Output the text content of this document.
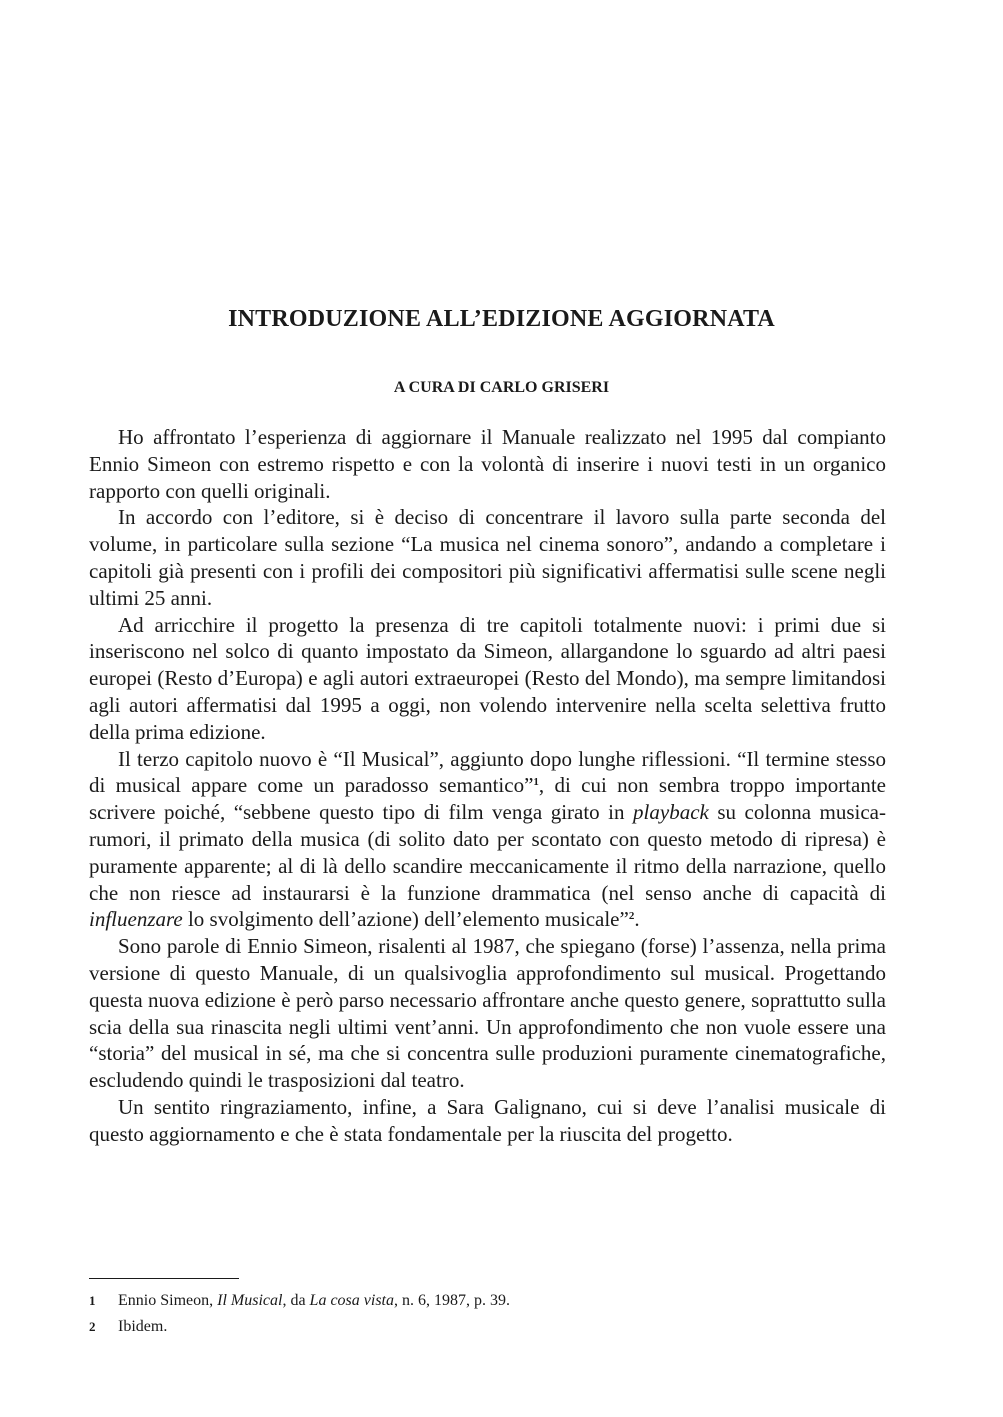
INTRODUZIONE ALL’EDIZIONE AGGIORNATA
A CURA DI CARLO GRISERI

Ho affrontato l’esperienza di aggiornare il Manuale realizzato nel 1995 dal compianto Ennio Simeon con estremo rispetto e con la volontà di inserire i nuovi testi in un organico rapporto con quelli originali.

In accordo con l’editore, si è deciso di concentrare il lavoro sulla parte seconda del volume, in particolare sulla sezione “La musica nel cinema sonoro”, andando a completare i capitoli già presenti con i profili dei compositori più significativi affermatisi sulle scene negli ultimi 25 anni.

Ad arricchire il progetto la presenza di tre capitoli totalmente nuovi: i primi due si inseriscono nel solco di quanto impostato da Simeon, allargandone lo sguardo ad altri paesi europei (Resto d’Europa) e agli autori extraeuropei (Resto del Mondo), ma sempre limitandosi agli autori affermatisi dal 1995 a oggi, non volendo intervenire nella scelta selettiva frutto della prima edizione.

Il terzo capitolo nuovo è “Il Musical”, aggiunto dopo lunghe riflessioni. “Il termine stesso di musical appare come un paradosso semantico”$^1$, di cui non sembra troppo importante scrivere poiché, “sebbene questo tipo di film venga girato in playback su colonna musica-rumori, il primato della musica (di solito dato per scontato con questo metodo di ripresa) è puramente apparente; al di là dello scandire meccanicamente il ritmo della narrazione, quello che non riesce ad instaurarsi è la funzione drammatica (nel senso anche di capacità di influenzare lo svolgimento dell’azione) dell’elemento musicale”$^2$.

Sono parole di Ennio Simeon, risalenti al 1987, che spiegano (forse) l’assenza, nella prima versione di questo Manuale, di un qualsivoglia approfondimento sul musical. Progettando questa nuova edizione è però parso necessario affrontare anche questo genere, soprattutto sulla scia della sua rinascita negli ultimi vent’anni. Un approfondimento che non vuole essere una “storia” del musical in sé, ma che si concentra sulle produzioni puramente cinematografiche, escludendo quindi le trasposizioni dal teatro.

Un sentito ringraziamento, infine, a Sara Galignano, cui si deve l’analisi musicale di questo aggiornamento e che è stata fondamentale per la riuscita del progetto.

1	Ennio Simeon, Il Musical, da La cosa vista, n. 6, 1987, p. 39.
2	Ibidem.
